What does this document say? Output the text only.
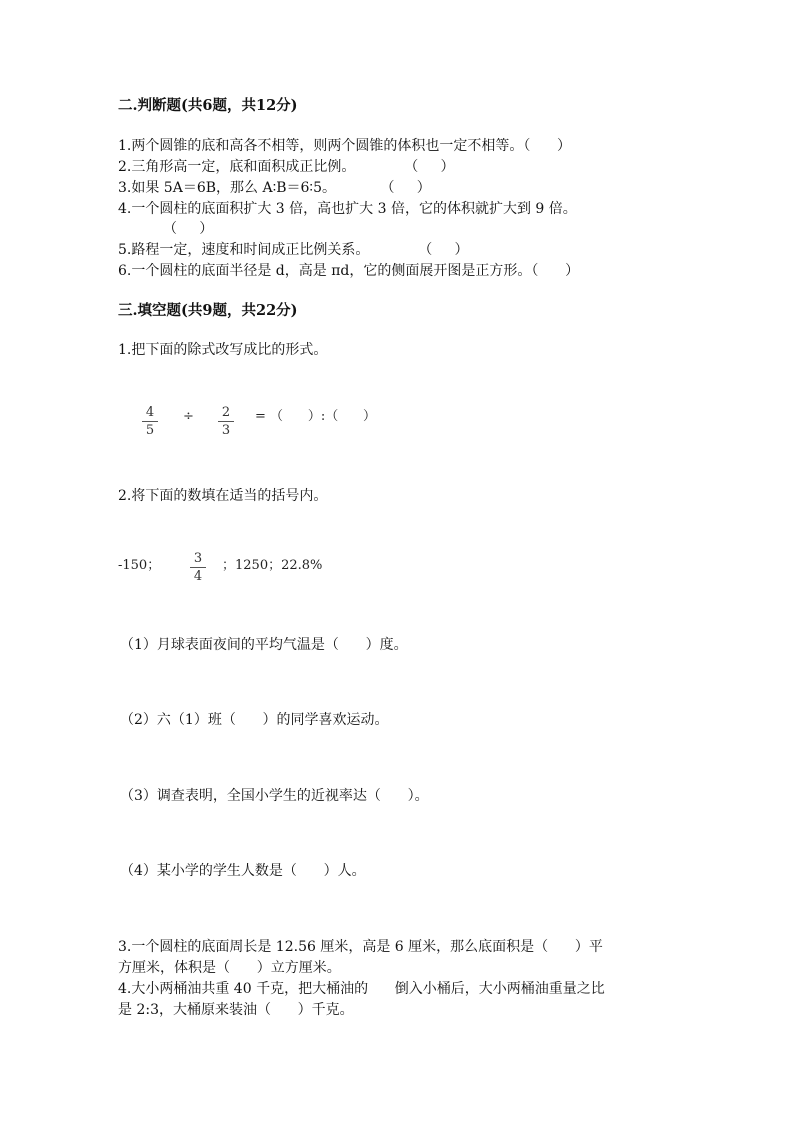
二.判断题(共6题，共12分)
1.两个圆锥的底和高各不相等，则两个圆锥的体积也一定不相等。（      ）
2.三角形高一定，底和面积成正比例。           （     ）
3.如果 5A＝6B，那么 A∶B＝6∶5。          （     ）
4.一个圆柱的底面积扩大 3 倍，高也扩大 3 倍，它的体积就扩大到 9 倍。
（     ）
5.路程一定，速度和时间成正比例关系。           （     ）
6.一个圆柱的底面半径是 d，高是 πd，它的侧面展开图是正方形。（      ）
三.填空题(共9题，共22分)
1.把下面的除式改写成比的形式。
4
5
÷ 2
3
= （      ）:（      ）
2.将下面的数填在适当的括号内。
-150；	3
4
；1250；22.8%
（1）月球表面夜间的平均气温是（      ）度。
（2）六（1）班（      ）的同学喜欢运动。
（3）调查表明，全国小学生的近视率达（      ）。
（4）某小学的学生人数是（      ）人。
3.一个圆柱的底面周长是 12.56 厘米，高是 6 厘米，那么底面积是（      ）平
方厘米，体积是（      ）立方厘米。
4.大小两桶油共重 40 千克，把大桶油的      倒入小桶后，大小两桶油重量之比
是 2:3，大桶原来装油（      ）千克。
